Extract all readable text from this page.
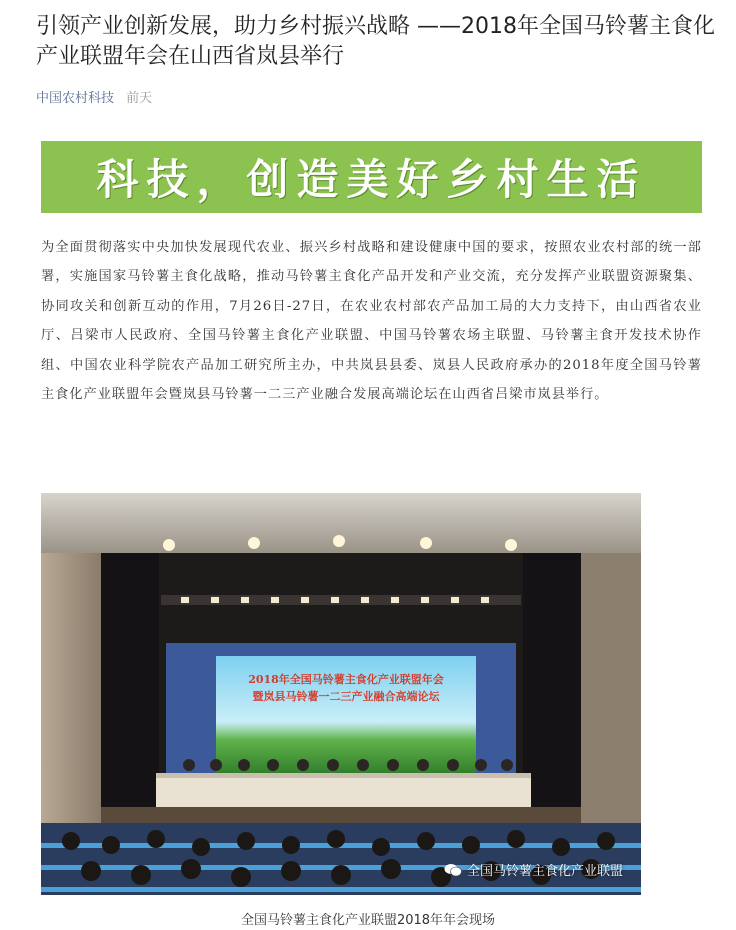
引领产业创新发展，助力乡村振兴战略 ——2018年全国马铃薯主食化产业联盟年会在山西省岚县举行
中国农村科技 前天
科技，创造美好乡村生活

为全面贯彻落实中央加快发展现代农业、振兴乡村战略和建设健康中国的要求，按照农业农村部的统一部署，实施国家马铃薯主食化战略，推动马铃薯主食化产品开发和产业交流，充分发挥产业联盟资源聚集、协同攻关和创新互动的作用，7月26日-27日，在农业农村部农产品加工局的大力支持下，由山西省农业厅、吕梁市人民政府、全国马铃薯主食化产业联盟、中国马铃薯农场主联盟、马铃薯主食开发技术协作组、中国农业科学院农产品加工研究所主办，中共岚县县委、岚县人民政府承办的2018年度全国马铃薯主食化产业联盟年会暨岚县马铃薯一二三产业融合发展高端论坛在山西省吕梁市岚县举行。

2018年全国马铃薯主食化产业联盟年会
暨岚县马铃薯一二三产业融合高端论坛
全国马铃薯主食化产业联盟

全国马铃薯主食化产业联盟2018年年会现场
